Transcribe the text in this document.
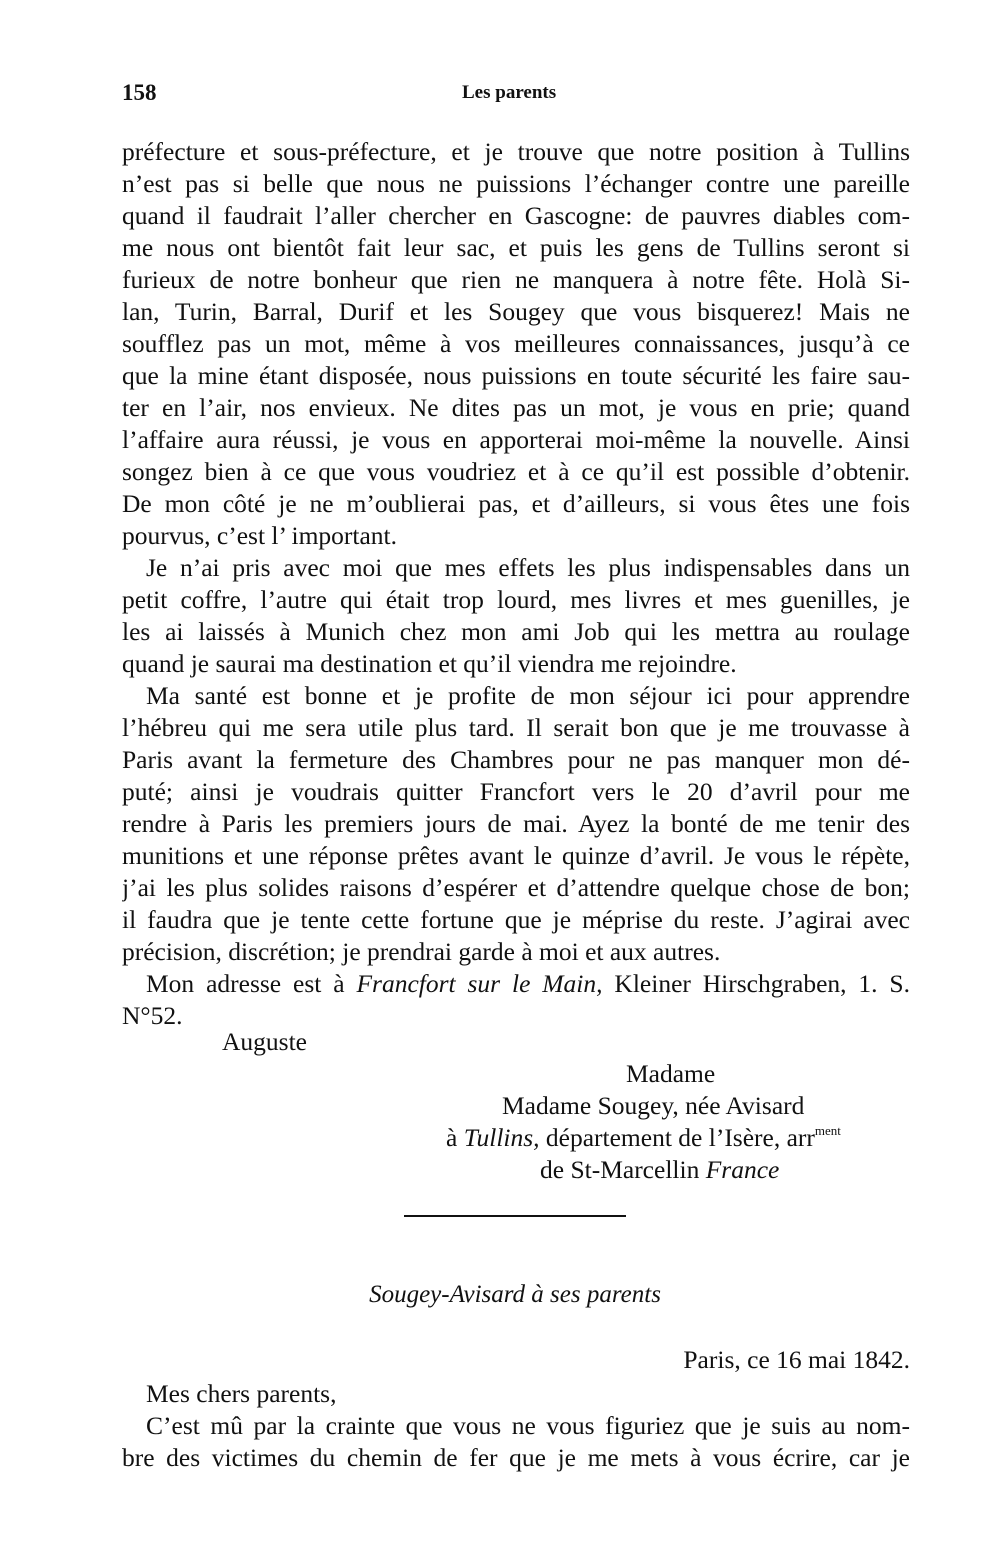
158	Les parents
préfecture et sous-préfecture, et je trouve que notre position à Tullins
n’est pas si belle que nous ne puissions l’échanger contre une pareille
quand il faudrait l’aller chercher en Gascogne: de pauvres diables com-
me nous ont bientôt fait leur sac, et puis les gens de Tullins seront si
furieux de notre bonheur que rien ne manquera à notre fête. Holà Si-
lan, Turin, Barral, Durif et les Sougey que vous bisquerez! Mais ne
soufflez pas un mot, même à vos meilleures connaissances, jusqu’à ce
que la mine étant disposée, nous puissions en toute sécurité les faire sau-
ter en l’air, nos envieux. Ne dites pas un mot, je vous en prie; quand
l’affaire aura réussi, je vous en apporterai moi-même la nouvelle. Ainsi
songez bien à ce que vous voudriez et à ce qu’il est possible d’obtenir.
De mon côté je ne m’oublierai pas, et d’ailleurs, si vous êtes une fois
pourvus, c’est l’ important.
Je n’ai pris avec moi que mes effets les plus indispensables dans un
petit coffre, l’autre qui était trop lourd, mes livres et mes guenilles, je
les ai laissés à Munich chez mon ami Job qui les mettra au roulage
quand je saurai ma destination et qu’il viendra me rejoindre.
Ma santé est bonne et je profite de mon séjour ici pour apprendre
l’hébreu qui me sera utile plus tard. Il serait bon que je me trouvasse à
Paris avant la fermeture des Chambres pour ne pas manquer mon dé-
puté; ainsi je voudrais quitter Francfort vers le 20 d’avril pour me
rendre à Paris les premiers jours de mai. Ayez la bonté de me tenir des
munitions et une réponse prêtes avant le quinze d’avril. Je vous le répète,
j’ai les plus solides raisons d’espérer et d’attendre quelque chose de bon;
il faudra que je tente cette fortune que je méprise du reste. J’agirai avec
précision, discrétion; je prendrai garde à moi et aux autres.
Mon adresse est à Francfort sur le Main, Kleiner Hirschgraben, 1. S.
N°52.
Auguste
Madame
Madame Sougey, née Avisard
à Tullins, département de l’Isère, arr$^{ment}$
de St-Marcellin France
Sougey-Avisard à ses parents
Paris, ce 16 mai 1842.
Mes chers parents,
C’est mû par la crainte que vous ne vous figuriez que je suis au nom-
bre des victimes du chemin de fer que je me mets à vous écrire, car je
